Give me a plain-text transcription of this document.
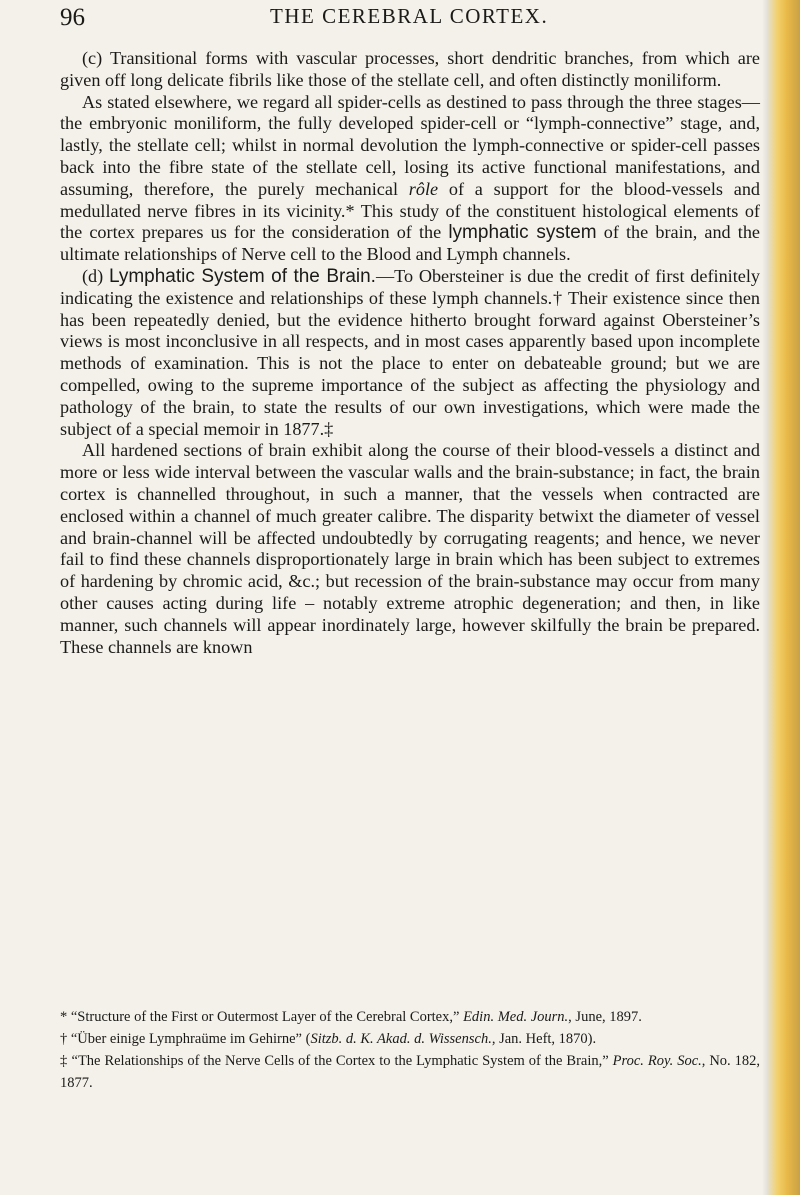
96	THE CEREBRAL CORTEX.

(c) Transitional forms with vascular processes, short dendritic branches, from which are given off long delicate fibrils like those of the stellate cell, and often distinctly moniliform.

As stated elsewhere, we regard all spider-cells as destined to pass through the three stages—the embryonic moniliform, the fully developed spider-cell or “lymph-connective” stage, and, lastly, the stellate cell; whilst in normal devolution the lymph-connective or spider-cell passes back into the fibre state of the stellate cell, losing its active functional manifestations, and assuming, therefore, the purely mechanical rôle of a support for the blood-vessels and medullated nerve fibres in its vicinity.* This study of the constituent histological elements of the cortex prepares us for the consideration of the lymphatic system of the brain, and the ultimate relationships of Nerve cell to the Blood and Lymph channels.

(d) Lymphatic System of the Brain.—To Obersteiner is due the credit of first definitely indicating the existence and relationships of these lymph channels.† Their existence since then has been repeatedly denied, but the evidence hitherto brought forward against Obersteiner’s views is most inconclusive in all respects, and in most cases apparently based upon incomplete methods of examination. This is not the place to enter on debateable ground; but we are compelled, owing to the supreme importance of the subject as affecting the physiology and pathology of the brain, to state the results of our own investigations, which were made the subject of a special memoir in 1877.‡

All hardened sections of brain exhibit along the course of their blood-vessels a distinct and more or less wide interval between the vascular walls and the brain-substance; in fact, the brain cortex is channelled throughout, in such a manner, that the vessels when contracted are enclosed within a channel of much greater calibre. The disparity betwixt the diameter of vessel and brain-channel will be affected undoubtedly by corrugating reagents; and hence, we never fail to find these channels disproportionately large in brain which has been subject to extremes of hardening by chromic acid, &c.; but recession of the brain-substance may occur from many other causes acting during life – notably extreme atrophic degeneration; and then, in like manner, such channels will appear inordinately large, however skilfully the brain be prepared. These channels are known

* “Structure of the First or Outermost Layer of the Cerebral Cortex,” Edin. Med. Journ., June, 1897.

† “Über einige Lymphraüme im Gehirne” (Sitzb. d. K. Akad. d. Wissensch., Jan. Heft, 1870).

‡ “The Relationships of the Nerve Cells of the Cortex to the Lymphatic System of the Brain,” Proc. Roy. Soc., No. 182, 1877.
